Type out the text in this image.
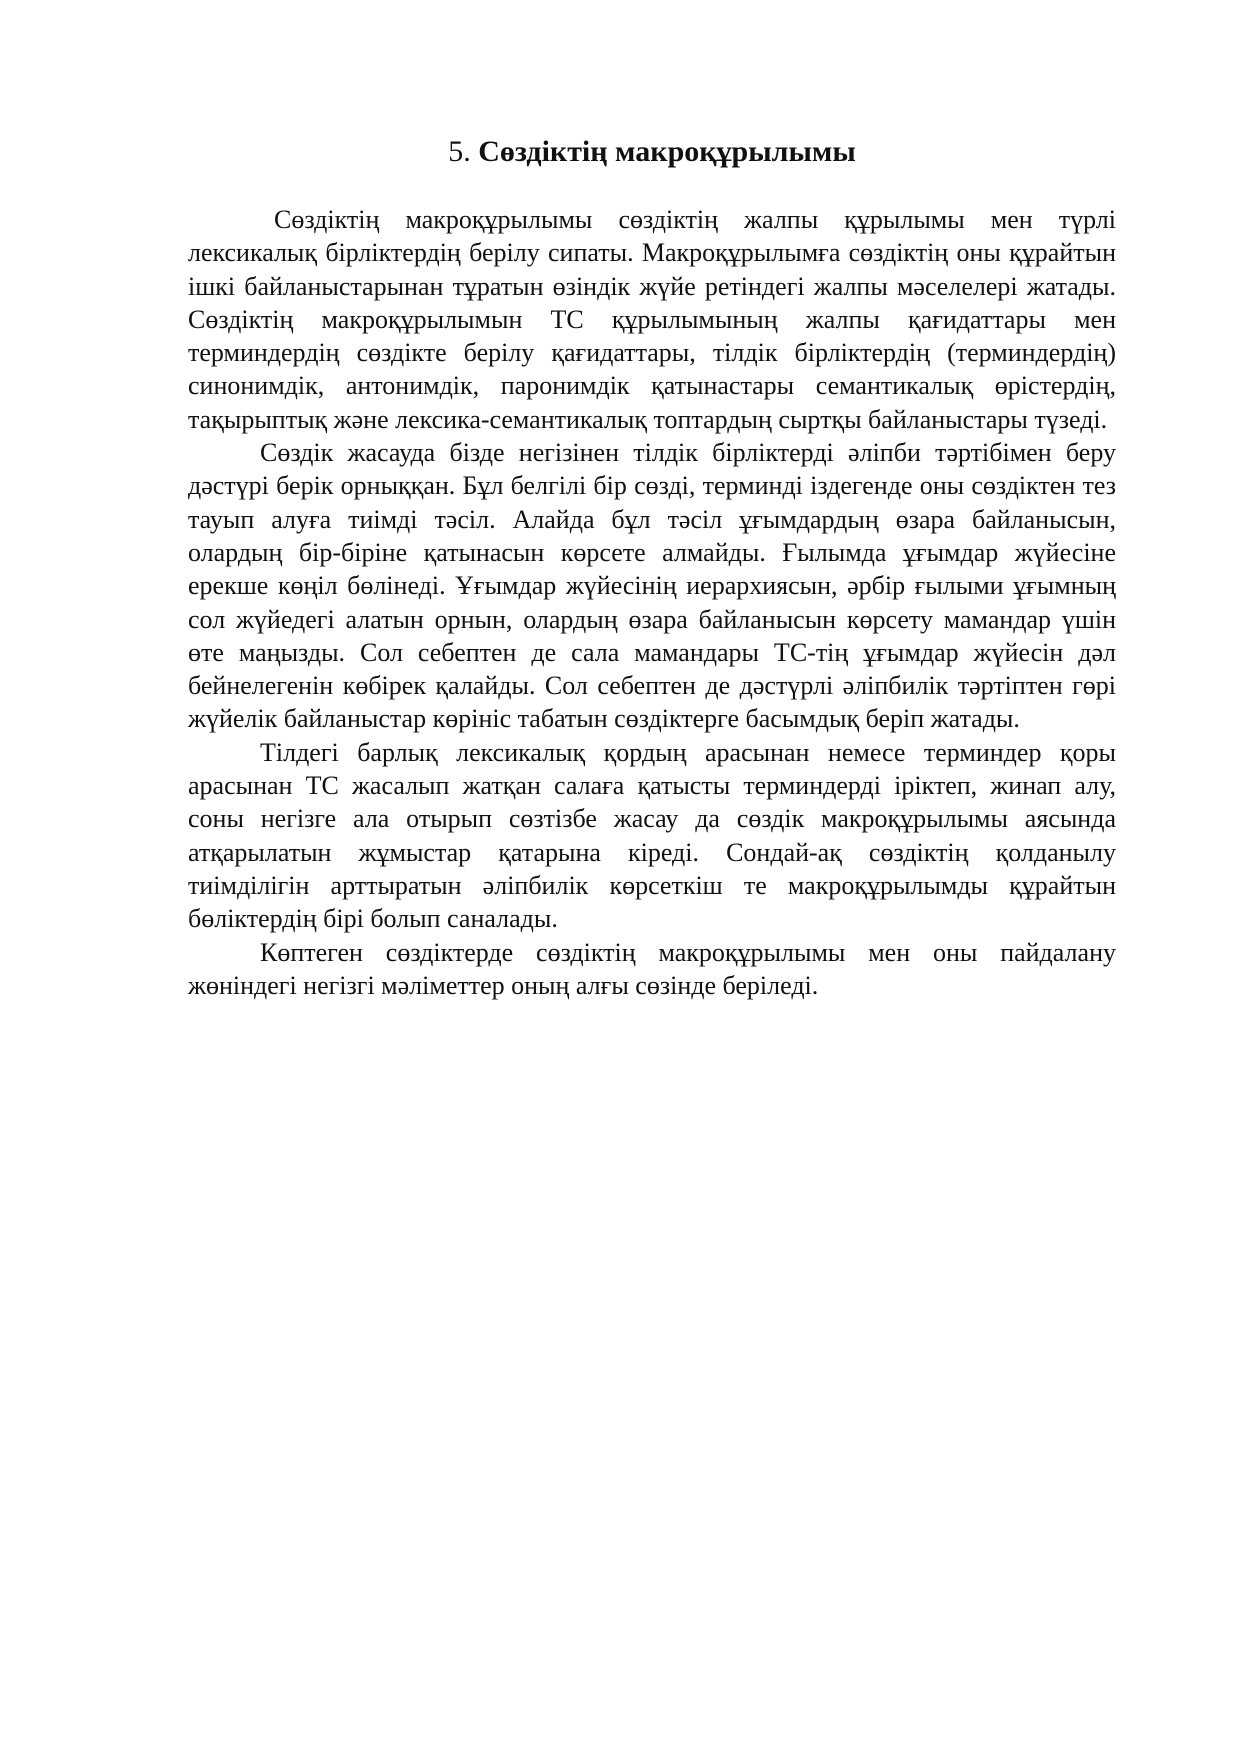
5. Сөздіктің макроқұрылымы

Сөздіктің макроқұрылымы сөздіктің жалпы құрылымы мен түрлі лексикалық бірліктердің берілу сипаты. Макроқұрылымға сөздіктің оны құрайтын ішкі байланыстарынан тұратын өзіндік жүйе ретіндегі жалпы мәселелері жатады. Сөздіктің макроқұрылымын ТС құрылымының жалпы қағидаттары мен терминдердің сөздікте берілу қағидаттары, тілдік бірліктердің (терминдердің) синонимдік, антонимдік, паронимдік қатынастары семантикалық өрістердің, тақырыптық және лексика-семантикалық топтардың сыртқы байланыстары түзеді.

Сөздік жасауда бізде негізінен тілдік бірліктерді әліпби тәртібімен беру дәстүрі берік орныққан. Бұл белгілі бір сөзді, терминді іздегенде оны сөздіктен тез тауып алуға тиімді тәсіл. Алайда бұл тәсіл ұғымдардың өзара байланысын, олардың бір-біріне қатынасын көрсете алмайды. Ғылымда ұғымдар жүйесіне ерекше көңіл бөлінеді. Ұғымдар жүйесінің иерархиясын, әрбір ғылыми ұғымның сол жүйедегі алатын орнын, олардың өзара байланысын көрсету мамандар үшін өте маңызды. Сол себептен де сала мамандары ТС-тің ұғымдар жүйесін дәл бейнелегенін көбірек қалайды. Сол себептен де дәстүрлі әліпбилік тәртіптен гөрі жүйелік байланыстар көрініс табатын сөздіктерге басымдық беріп жатады.

Тілдегі барлық лексикалық қордың арасынан немесе терминдер қоры арасынан ТС жасалып жатқан салаға қатысты терминдерді іріктеп, жинап алу, соны негізге ала отырып сөзтізбе жасау да сөздік макроқұрылымы аясында атқарылатын жұмыстар қатарына кіреді. Сондай-ақ сөздіктің қолданылу тиімділігін арттыратын әліпбилік көрсеткіш те макроқұрылымды құрайтын бөліктердің бірі болып саналады.

Көптеген сөздіктерде сөздіктің макроқұрылымы мен оны пайдалану жөніндегі негізгі мәліметтер оның алғы сөзінде беріледі.
